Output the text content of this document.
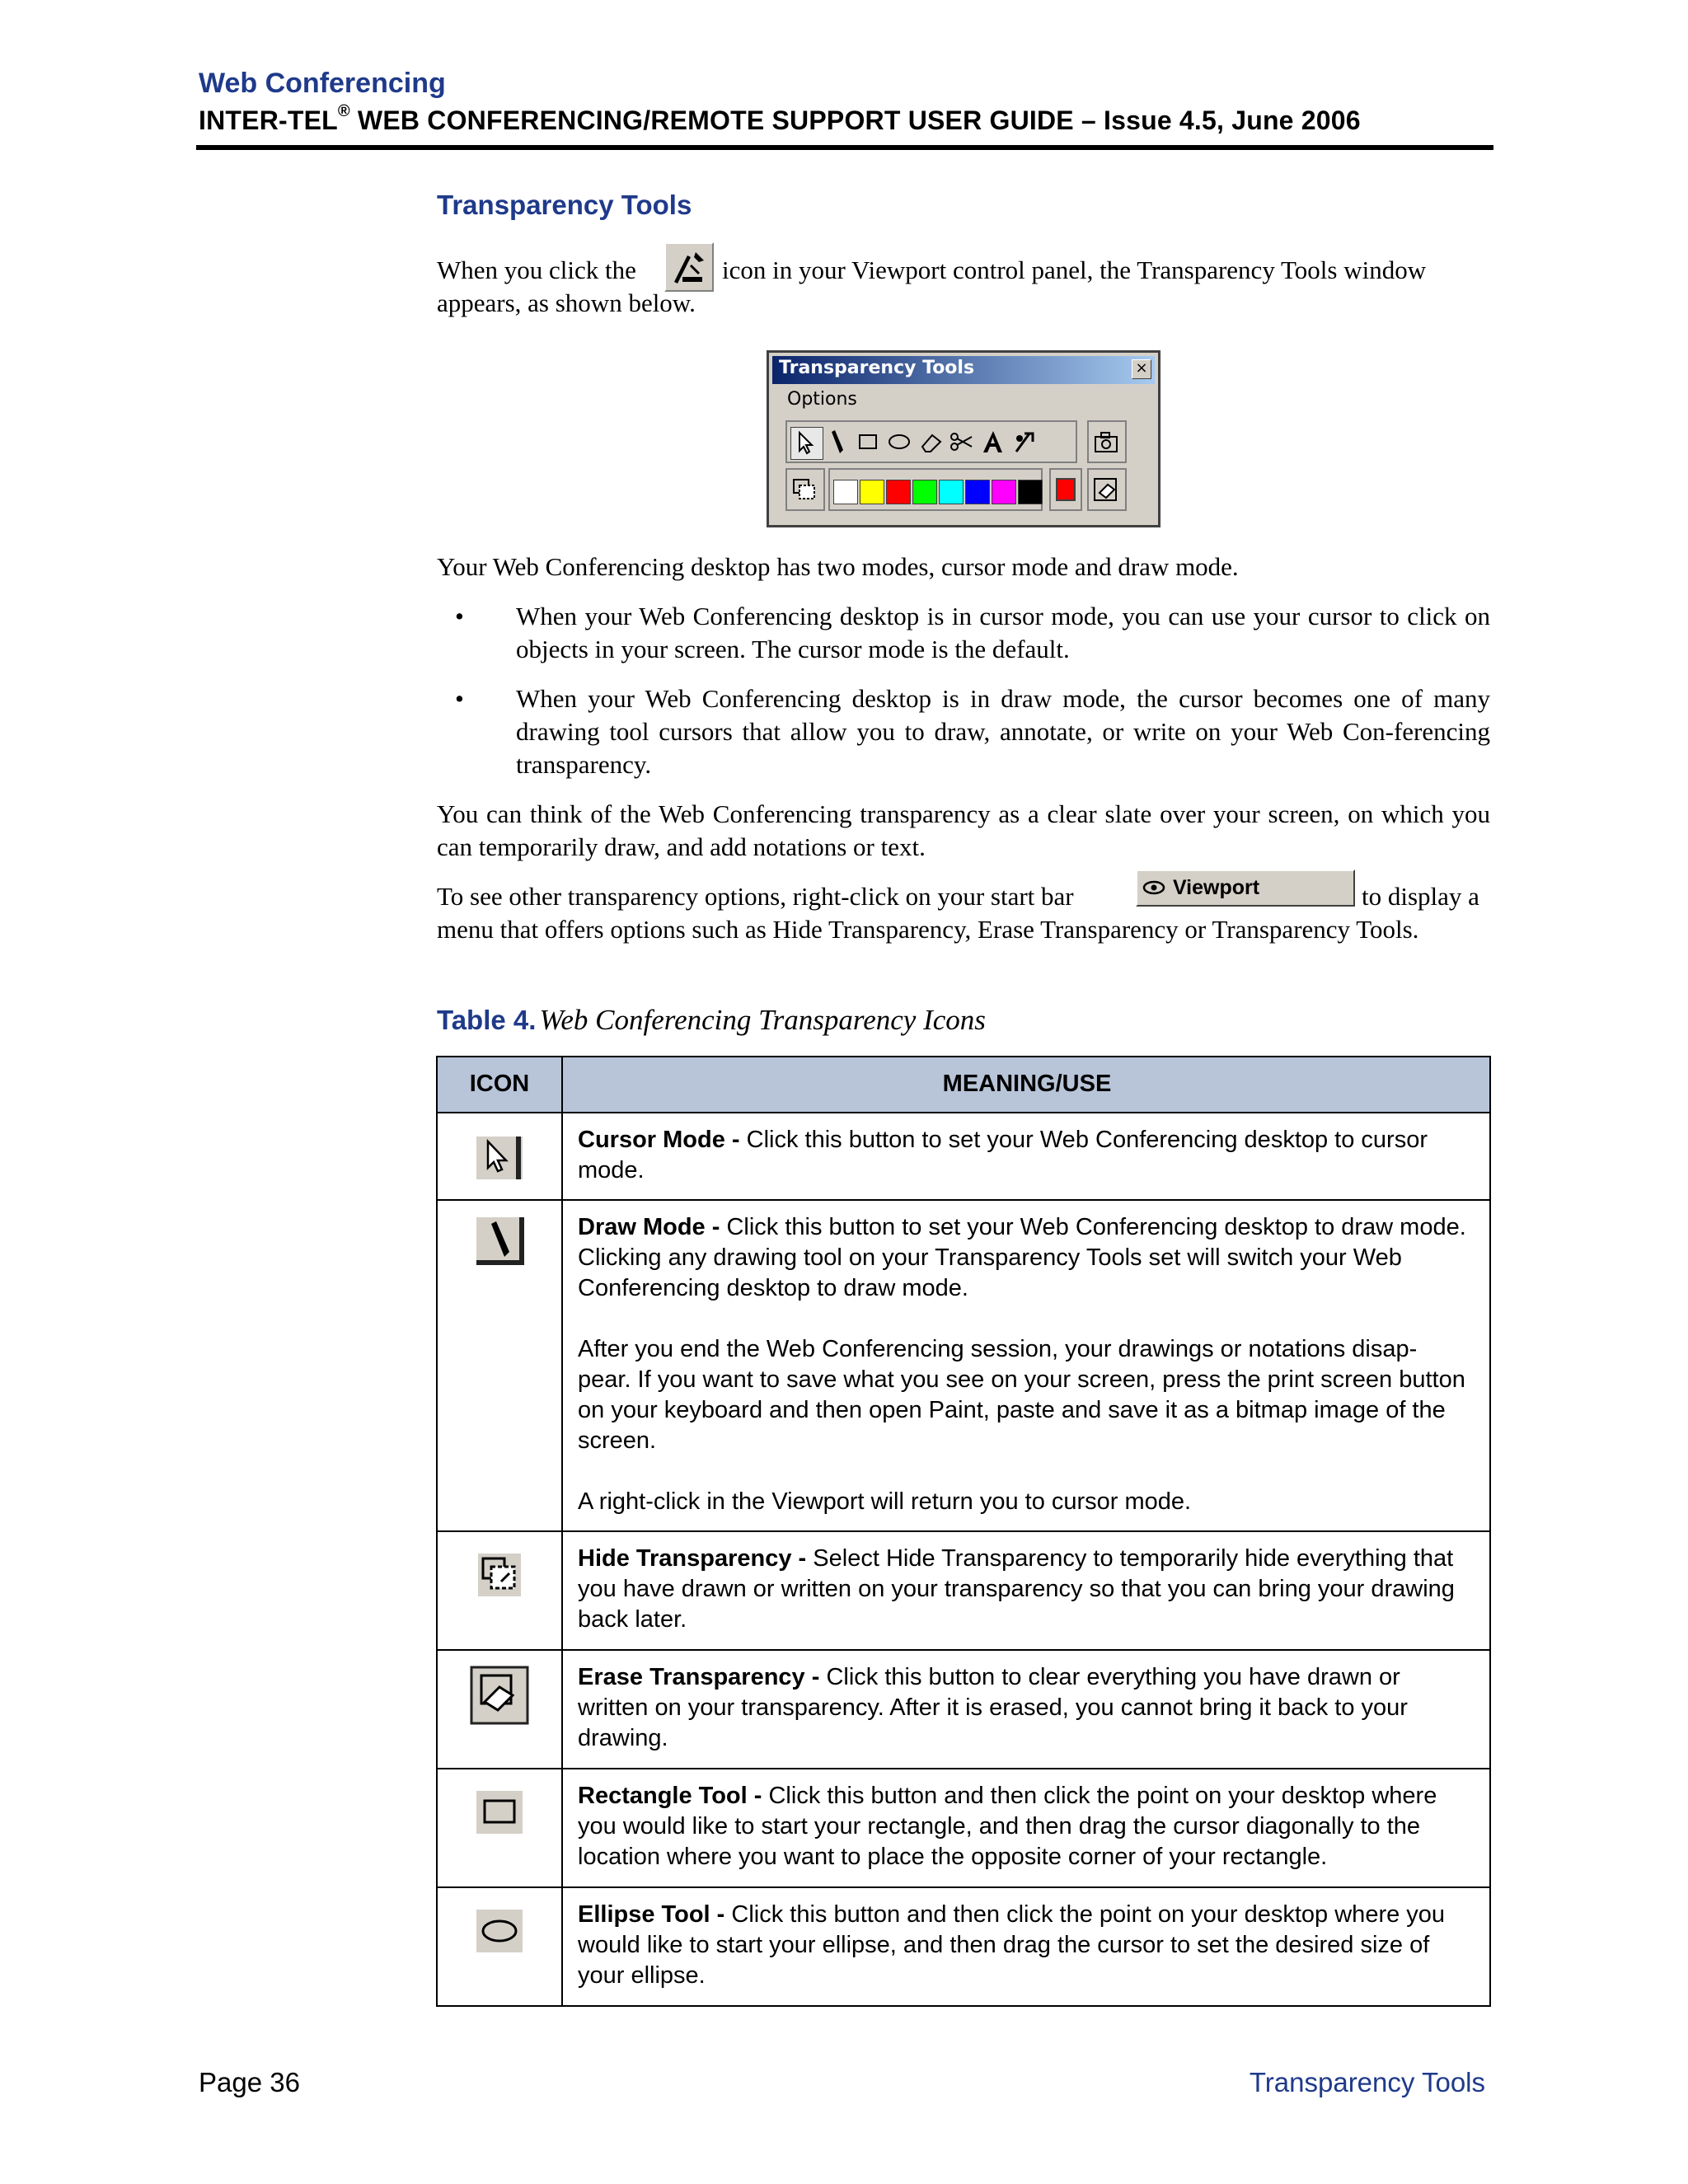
Web Conferencing
INTER-TEL® WEB CONFERENCING/REMOTE SUPPORT USER GUIDE – Issue 4.5, June 2006
Transparency Tools
When you click the	icon in your Viewport control panel, the Transparency Tools window
appears, as shown below.
Transparency Tools	×
Options
Your Web Conferencing desktop has two modes, cursor mode and draw mode.
• When your Web Conferencing desktop is in cursor mode, you can use your cursor to click on objects in your screen. The cursor mode is the default.
• When your Web Conferencing desktop is in draw mode, the cursor becomes one of many drawing tool cursors that allow you to draw, annotate, or write on your Web Con-ferencing transparency.
You can think of the Web Conferencing transparency as a clear slate over your screen, on which you can temporarily draw, and add notations or text.
To see other transparency options, right-click on your start bar	Viewport	to display a
menu that offers options such as Hide Transparency, Erase Transparency or Transparency Tools.
Table 4. Web Conferencing Transparency Icons
ICON	MEANING/USE

Cursor Mode - Click this button to set your Web Conferencing desktop to cursor mode.

Draw Mode - Click this button to set your Web Conferencing desktop to draw mode. Clicking any drawing tool on your Transparency Tools set will switch your Web Conferencing desktop to draw mode.

After you end the Web Conferencing session, your drawings or notations disap-pear. If you want to save what you see on your screen, press the print screen button on your keyboard and then open Paint, paste and save it as a bitmap image of the screen.

A right-click in the Viewport will return you to cursor mode.

Hide Transparency - Select Hide Transparency to temporarily hide everything that you have drawn or written on your transparency so that you can bring your drawing back later.

Erase Transparency - Click this button to clear everything you have drawn or written on your transparency. After it is erased, you cannot bring it back to your drawing.

Rectangle Tool - Click this button and then click the point on your desktop where you would like to start your rectangle, and then drag the cursor diagonally to the location where you want to place the opposite corner of your rectangle.

Ellipse Tool - Click this button and then click the point on your desktop where you would like to start your ellipse, and then drag the cursor to set the desired size of your ellipse.

Page 36	Transparency Tools
